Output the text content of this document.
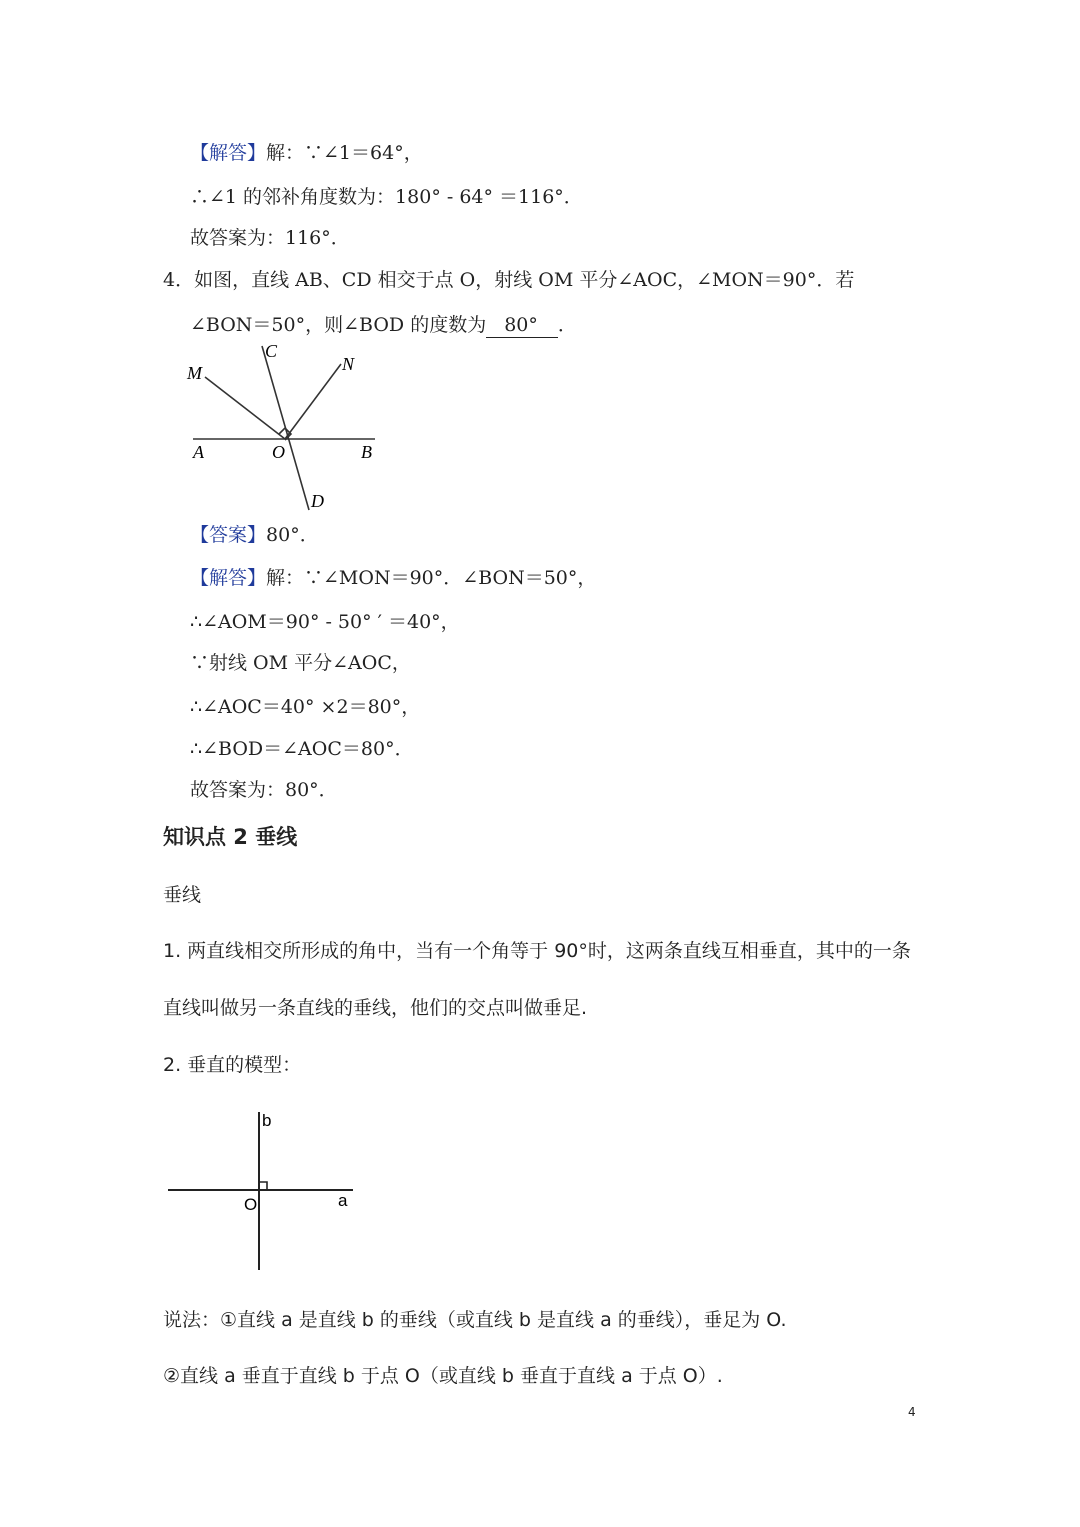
【解答】解：∵∠1＝64°，
∴∠1 的邻补角度数为：180° - 64° ＝116°．
故答案为：116°．
4．如图，直线 AB、CD 相交于点 O，射线 OM 平分∠AOC，∠MON＝90°．若
∠BON＝50°，则∠BOD 的度数为 80° ．
C
M	N
A	O	B
D
b
O	a
【答案】80°．
【解答】解：∵∠MON＝90°．∠BON＝50°，
∴∠AOM＝90° - 50° ′ ＝40°，
∵射线 OM 平分∠AOC，
∴∠AOC＝40° ×2＝80°，
∴∠BOD＝∠AOC＝80°．
故答案为：80°．
知识点 2 垂线
垂线
1. 两直线相交所形成的角中，当有一个角等于 90°时，这两条直线互相垂直，其中的一条
直线叫做另一条直线的垂线，他们的交点叫做垂足.
2. 垂直的模型：
说法：①直线 a 是直线 b 的垂线（或直线 b 是直线 a 的垂线），垂足为 O.
②直线 a 垂直于直线 b 于点 O（或直线 b 垂直于直线 a 于点 O）.
4
